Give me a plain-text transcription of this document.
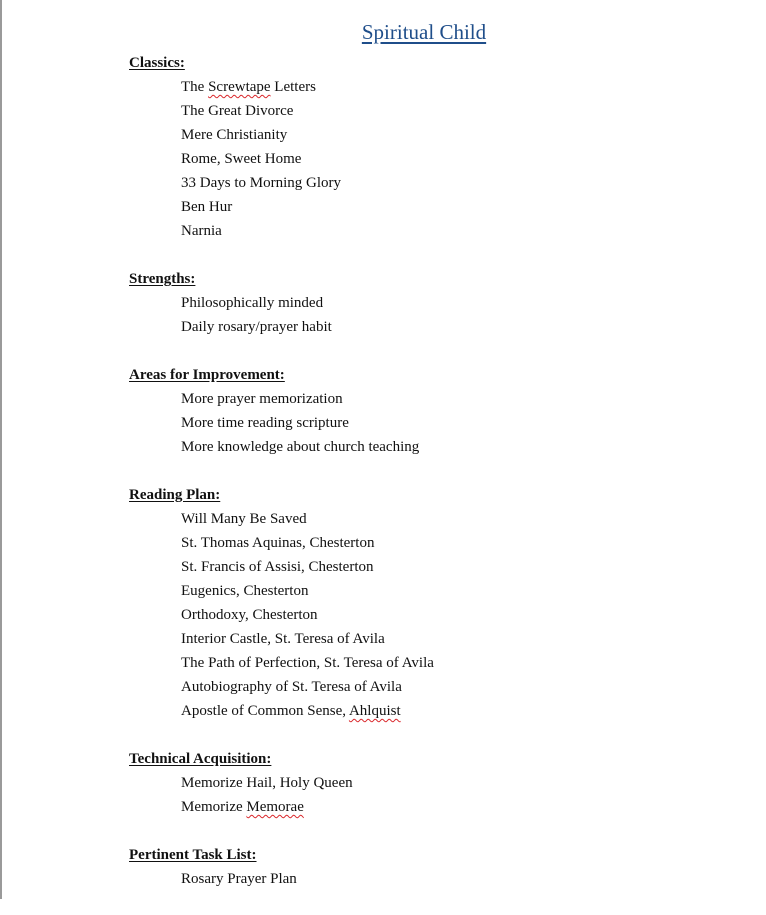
Spiritual Child
Classics:
The Screwtape Letters
The Great Divorce
Mere Christianity
Rome, Sweet Home
33 Days to Morning Glory
Ben Hur
Narnia
Strengths:
Philosophically minded
Daily rosary/prayer habit
Areas for Improvement:
More prayer memorization
More time reading scripture
More knowledge about church teaching
Reading Plan:
Will Many Be Saved
St. Thomas Aquinas, Chesterton
St. Francis of Assisi, Chesterton
Eugenics, Chesterton
Orthodoxy, Chesterton
Interior Castle, St. Teresa of Avila
The Path of Perfection, St. Teresa of Avila
Autobiography of St. Teresa of Avila
Apostle of Common Sense, Ahlquist
Technical Acquisition:
Memorize Hail, Holy Queen
Memorize Memorae
Pertinent Task List:
Rosary Prayer Plan
